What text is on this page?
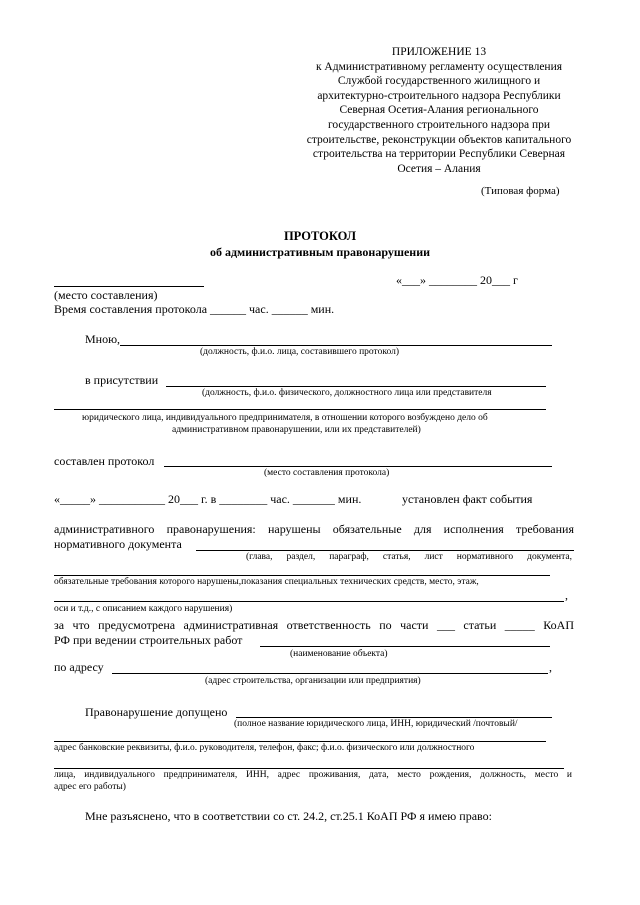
ПРИЛОЖЕНИЕ 13
к Административному регламенту осуществления
Службой государственного жилищного и
архитектурно-строительного надзора Республики
Северная Осетия-Алания регионального
государственного строительного надзора при
строительстве, реконструкции объектов капитального
строительства на территории Республики Северная
Осетия – Алания
(Типовая форма)
ПРОТОКОЛ
об административным правонарушении
«___» ________ 20___ г
(место составления)
Время составления протокола ______ час. ______ мин.
Мною,
(должность, ф.и.о. лица, составившего протокол)
в присутствии
(должность, ф.и.о. физического, должностного лица или представителя
юридического лица, индивидуального предпринимателя, в отношении которого возбуждено дело об
административном правонарушении, или их представителей)
составлен протокол
(место составления протокола)
«_____» ___________ 20___ г. в ________ час. _______ мин.	установлен факт события
административного правонарушения: нарушены обязательные для исполнения требования
нормативного документа
(глава, раздел, параграф, статья, лист нормативного документа,
обязательные требования которого нарушены,показания специальных технических средств, место, этаж,
,
оси и т.д., с описанием каждого нарушения)
за что предусмотрена административная ответственность по части ___ статьи _____ КоАП
РФ при ведении строительных работ
(наименование объекта)
по адресу	,
(адрес строительства, организации или предприятия)
Правонарушение допущено
(полное название юридического лица, ИНН, юридический /почтовый/
адрес банковские реквизиты, ф.и.о. руководителя, телефон, факс; ф.и.о. физического или должностного
лица, индивидуального предпринимателя, ИНН, адрес проживания, дата, место рождения, должность, место и
адрес его работы)
Мне разъяснено, что в соответствии со ст. 24.2, ст.25.1 КоАП РФ я имею право:
